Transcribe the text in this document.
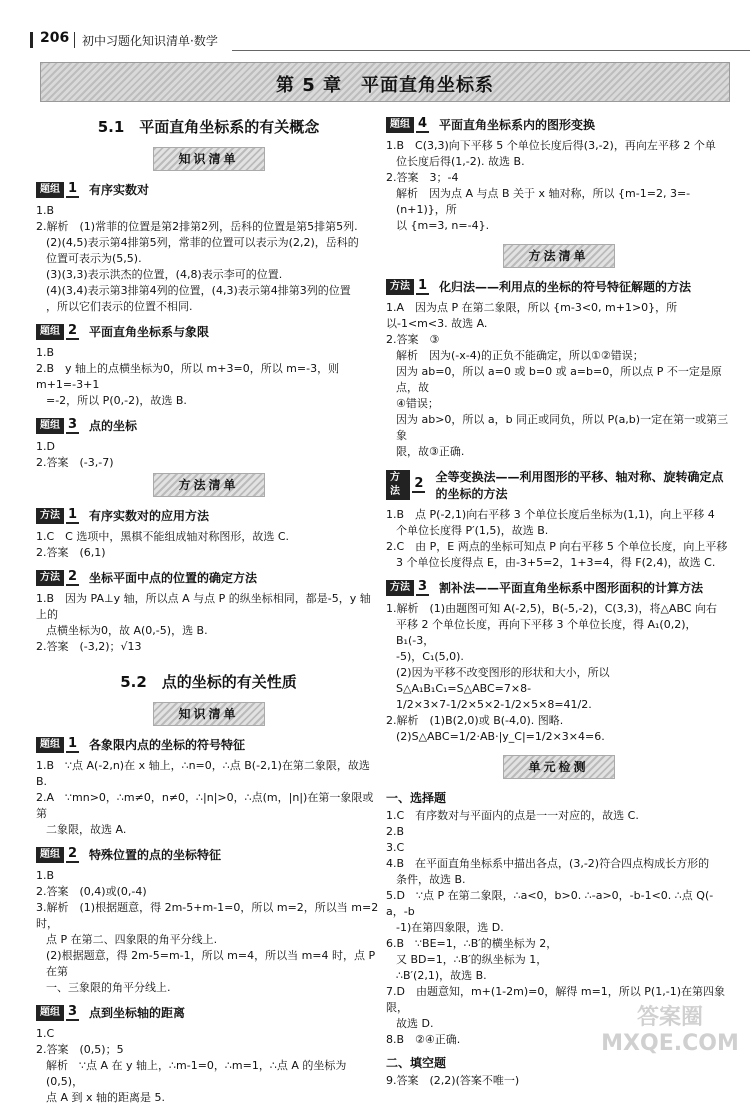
206 初中习题化知识清单·数学
第 5 章　平面直角坐标系
5.1　平面直角坐标系的有关概念
知识清单
题组 1 有序实数对

1.B

2.解析　(1)常菲的位置是第2排第2列，岳科的位置是第5排第5列.

(2)(4,5)表示第4排第5列，常菲的位置可以表示为(2,2)，岳科的

位置可表示为(5,5).

(3)(3,3)表示洪杰的位置，(4,8)表示李可的位置.

(4)(3,4)表示第3排第4列的位置，(4,3)表示第4排第3列的位置

，所以它们表示的位置不相同.

题组 2 平面直角坐标系与象限

1.B

2.B　y 轴上的点横坐标为0，所以 m+3=0，所以 m=-3，则 m+1=-3+1

=-2，所以 P(0,-2)，故选 B.

题组 3 点的坐标

1.D

2.答案　(-3,-7)

方法清单
方法 1 有序实数对的应用方法

1.C　C 选项中，黑棋不能组成轴对称图形，故选 C.

2.答案　(6,1)

方法 2 坐标平面中点的位置的确定方法

1.B　因为 PA⊥y 轴，所以点 A 与点 P 的纵坐标相同，都是-5，y 轴上的

点横坐标为0，故 A(0,-5)，选 B.

2.答案　(-3,2)；√13

5.2　点的坐标的有关性质
知识清单
题组 1 各象限内点的坐标的符号特征

1.B　∵点 A(-2,n)在 x 轴上，∴n=0，∴点 B(-2,1)在第二象限，故选 B.

2.A　∵mn>0，∴m≠0，n≠0，∴|n|>0，∴点(m，|n|)在第一象限或第

二象限，故选 A.

题组 2 特殊位置的点的坐标特征

1.B

2.答案　(0,4)或(0,-4)

3.解析　(1)根据题意，得 2m-5+m-1=0，所以 m=2，所以当 m=2 时，

点 P 在第二、四象限的角平分线上.

(2)根据题意，得 2m-5=m-1，所以 m=4，所以当 m=4 时，点 P 在第

一、三象限的角平分线上.

题组 3 点到坐标轴的距离

1.C

2.答案　(0,5)；5

解析　∵点 A 在 y 轴上，∴m-1=0，∴m=1，∴点 A 的坐标为(0,5)，

点 A 到 x 轴的距离是 5.

题组 4 平面直角坐标系内的图形变换

1.B　C(3,3)向下平移 5 个单位长度后得(3,-2)，再向左平移 2 个单

位长度后得(1,-2). 故选 B.

2.答案　3；-4

解析　因为点 A 与点 B 关于 x 轴对称，所以 {m-1=2, 3=-(n+1)}，所

以 {m=3, n=-4}.

方法清单
方法 1 化归法——利用点的坐标的符号特征解题的方法

1.A　因为点 P 在第二象限，所以 {m-3<0, m+1>0}，所以-1<m<3. 故选 A.

2.答案　③

解析　因为(-x-4)的正负不能确定，所以①②错误；

因为 ab=0，所以 a=0 或 b=0 或 a=b=0，所以点 P 不一定是原点，故

④错误；

因为 ab>0，所以 a，b 同正或同负，所以 P(a,b)一定在第一或第三象

限，故③正确.

方法
2 全等变换法——利用图形的平移、轴对称、旋转确定点的坐标的方法

1.B　点 P(-2,1)向右平移 3 个单位长度后坐标为(1,1)，向上平移 4

个单位长度得 P′(1,5)，故选 B.

2.C　由 P，E 两点的坐标可知点 P 向右平移 5 个单位长度，向上平移

3 个单位长度得点 E，由-3+5=2，1+3=4，得 F(2,4)，故选 C.

方法 3 割补法——平面直角坐标系中图形面积的计算方法

1.解析　(1)由题图可知 A(-2,5)，B(-5,-2)，C(3,3)，将△ABC 向右

平移 2 个单位长度，再向下平移 3 个单位长度，得 A₁(0,2)，B₁(-3，

-5)，C₁(5,0).

(2)因为平移不改变图形的形状和大小，所以 S△A₁B₁C₁=S△ABC=7×8-

1/2×3×7-1/2×5×2-1/2×5×8=41/2.

2.解析　(1)B(2,0)或 B(-4,0). 图略.

(2)S△ABC=1/2·AB·|y_C|=1/2×3×4=6.

单元检测
一、选择题

1.C　有序数对与平面内的点是一一对应的，故选 C.

2.B

3.C

4.B　在平面直角坐标系中描出各点，(3,-2)符合四点构成长方形的

条件，故选 B.

5.D　∵点 P 在第二象限，∴a<0，b>0. ∴-a>0，-b-1<0. ∴点 Q(-a，-b

-1)在第四象限，选 D.

6.B　∵BE=1，∴B′的横坐标为 2，

又 BD=1，∴B′的纵坐标为 1，

∴B′(2,1)，故选 B.

7.D　由题意知，m+(1-2m)=0，解得 m=1，所以 P(1,-1)在第四象限，

故选 D.

8.B　②④正确.

二、填空题

9.答案　(2,2)(答案不唯一)

答案圈
MXQE.COM
